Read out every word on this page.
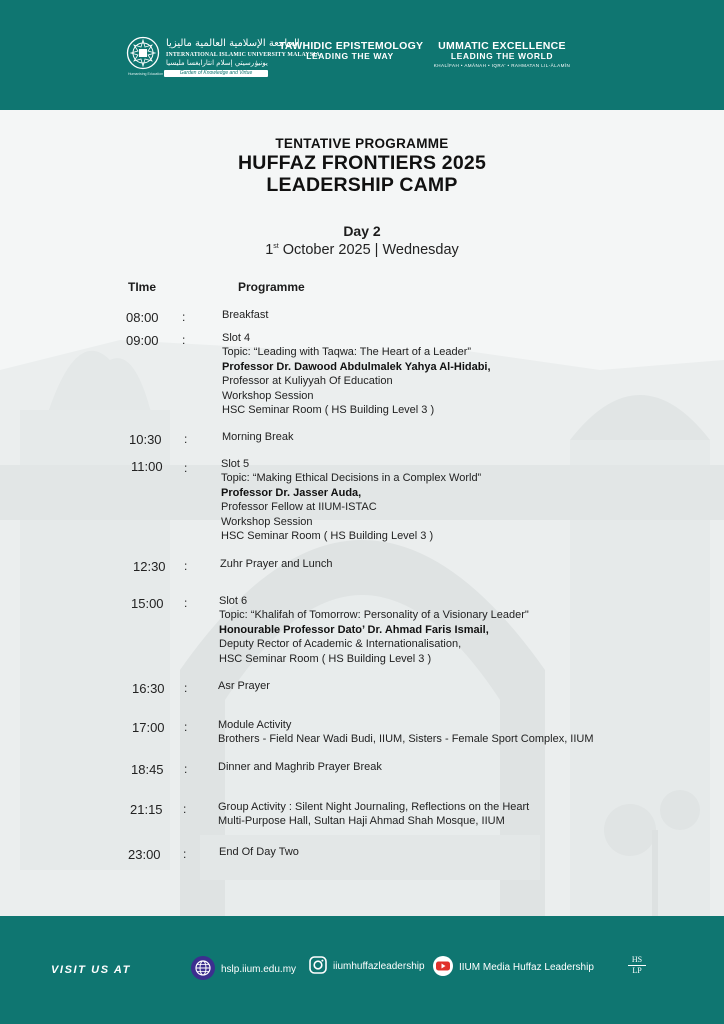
Humanising Education
الجامعة الإسلامية العالمية ماليزيا
INTERNATIONAL ISLAMIC UNIVERSITY MALAYSIA
يونيۏرسيتي إسلام انتارابغسا مليسيا
Garden of Knowledge and Virtue
TAWHIDIC EPISTEMOLOGY
LEADING THE WAY
UMMATIC EXCELLENCE
LEADING THE WORLD
KHALĪFAH • AMĀNAH • IQRA' • RAHMATAN LIL-ĀLAMĪN
TENTATIVE PROGRAMME
HUFFAZ FRONTIERS 2025
LEADERSHIP CAMP
Day 2
1st October 2025 | Wednesday
TIme	Programme
08:00 :	Breakfast
09:00 :	Slot 4
Topic: “Leading with Taqwa: The Heart of a Leader”
Professor Dr. Dawood Abdulmalek Yahya Al-Hidabi,
Professor at Kuliyyah Of Education
Workshop Session
HSC Seminar Room ( HS Building Level 3 )
10:30 :	Morning Break
11:00 :	Slot 5
Topic: “Making Ethical Decisions in a Complex World”
Professor Dr. Jasser Auda,
Professor Fellow at IIUM-ISTAC
Workshop Session
HSC Seminar Room ( HS Building Level 3 )
12:30 :	Zuhr Prayer and Lunch
15:00 :	Slot 6
Topic: “Khalifah of Tomorrow: Personality of a Visionary Leader"
Honourable Professor Dato’ Dr. Ahmad Faris Ismail,
Deputy Rector of Academic & Internationalisation,
HSC Seminar Room ( HS Building Level 3 )
16:30 :	Asr Prayer
17:00 :	Module Activity
Brothers - Field Near Wadi Budi, IIUM, Sisters - Female Sport Complex, IIUM
18:45 :	Dinner and Maghrib Prayer Break
21:15 :	Group Activity : Silent Night Journaling, Reflections on the Heart
Multi-Purpose Hall, Sultan Haji Ahmad Shah Mosque, IIUM
23:00 :	End Of Day Two
VISIT US AT	hslp.iium.edu.my	iiumhuffazleadership	IIUM Media Huffaz Leadership
HS
LP
